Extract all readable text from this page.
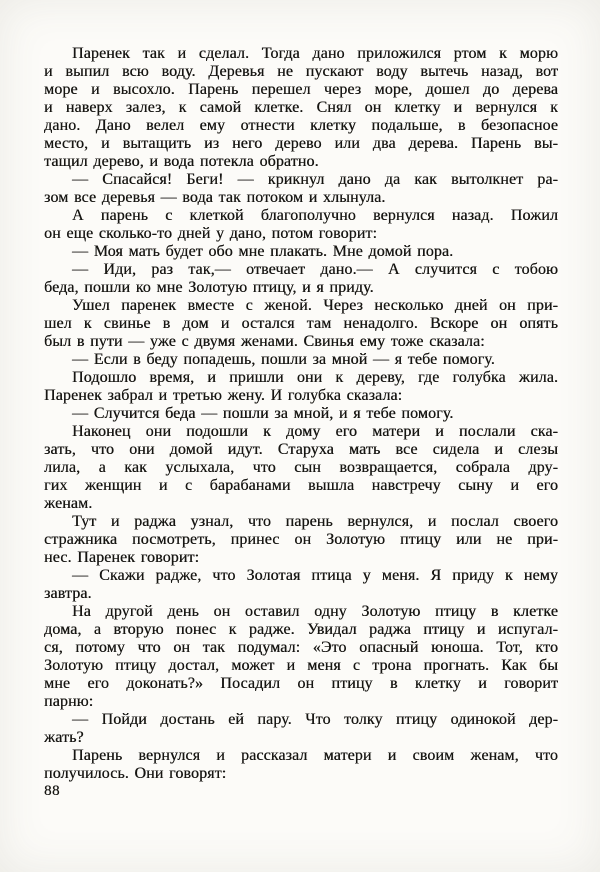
Паренек так и сделал. Тогда дано приложился ртом к морю
и выпил всю воду. Деревья не пускают воду вытечь назад, вот
море и высохло. Парень перешел через море, дошел до дерева
и наверх залез, к самой клетке. Снял он клетку и вернулся к
дано. Дано велел ему отнести клетку подальше, в безопасное
место, и вытащить из него дерево или два дерева. Парень вы-
тащил дерево, и вода потекла обратно.
— Спасайся! Беги! — крикнул дано да как вытолкнет ра-
зом все деревья — вода так потоком и хлынула.
А парень с клеткой благополучно вернулся назад. Пожил
он еще сколько-то дней у дано, потом говорит:
— Моя мать будет обо мне плакать. Мне домой пора.
— Иди, раз так,— отвечает дано.— А случится с тобою
беда, пошли ко мне Золотую птицу, и я приду.
Ушел паренек вместе с женой. Через несколько дней он при-
шел к свинье в дом и остался там ненадолго. Вскоре он опять
был в пути — уже с двумя женами. Свинья ему тоже сказала:
— Если в беду попадешь, пошли за мной — я тебе помогу.
Подошло время, и пришли они к дереву, где голубка жила.
Паренек забрал и третью жену. И голубка сказала:
— Случится беда — пошли за мной, и я тебе помогу.
Наконец они подошли к дому его матери и послали ска-
зать, что они домой идут. Старуха мать все сидела и слезы
лила, а как услыхала, что сын возвращается, собрала дру-
гих женщин и с барабанами вышла навстречу сыну и его
женам.
Тут и раджа узнал, что парень вернулся, и послал своего
стражника посмотреть, принес он Золотую птицу или не при-
нес. Паренек говорит:
— Скажи радже, что Золотая птица у меня. Я приду к нему
завтра.
На другой день он оставил одну Золотую птицу в клетке
дома, а вторую понес к радже. Увидал раджа птицу и испугал-
ся, потому что он так подумал: «Это опасный юноша. Тот, кто
Золотую птицу достал, может и меня с трона прогнать. Как бы
мне его доконать?» Посадил он птицу в клетку и говорит
парню:
— Пойди достань ей пару. Что толку птицу одинокой дер-
жать?
Парень вернулся и рассказал матери и своим женам, что
получилось. Они говорят:
88
